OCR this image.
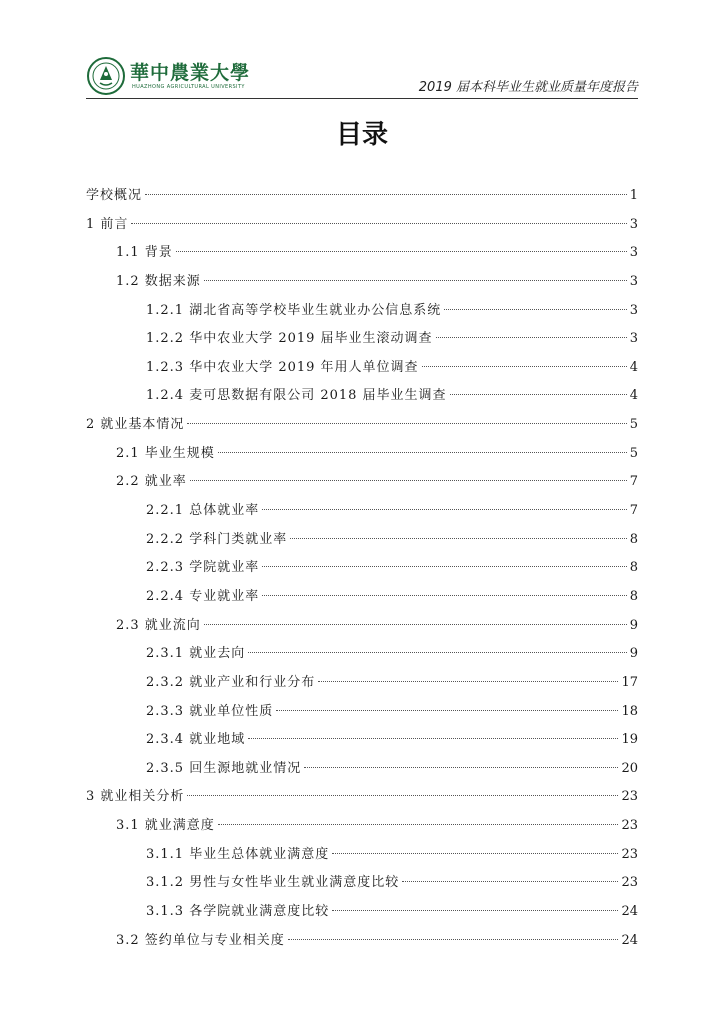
華中農業大學
HUAZHONG AGRICULTURAL UNIVERSITY	2019 届本科毕业生就业质量年度报告
目录
学校概况	1
1 前言	3
1.1 背景	3
1.2 数据来源	3
1.2.1 湖北省高等学校毕业生就业办公信息系统	3
1.2.2 华中农业大学 2019 届毕业生滚动调查	3
1.2.3 华中农业大学 2019 年用人单位调查	4
1.2.4 麦可思数据有限公司 2018 届毕业生调查	4
2 就业基本情况	5
2.1 毕业生规模	5
2.2 就业率	7
2.2.1 总体就业率	7
2.2.2 学科门类就业率	8
2.2.3 学院就业率	8
2.2.4 专业就业率	8
2.3 就业流向	9
2.3.1 就业去向	9
2.3.2 就业产业和行业分布	17
2.3.3 就业单位性质	18
2.3.4 就业地域	19
2.3.5 回生源地就业情况	20
3 就业相关分析	23
3.1 就业满意度	23
3.1.1 毕业生总体就业满意度	23
3.1.2 男性与女性毕业生就业满意度比较	23
3.1.3 各学院就业满意度比较	24
3.2 签约单位与专业相关度	24
